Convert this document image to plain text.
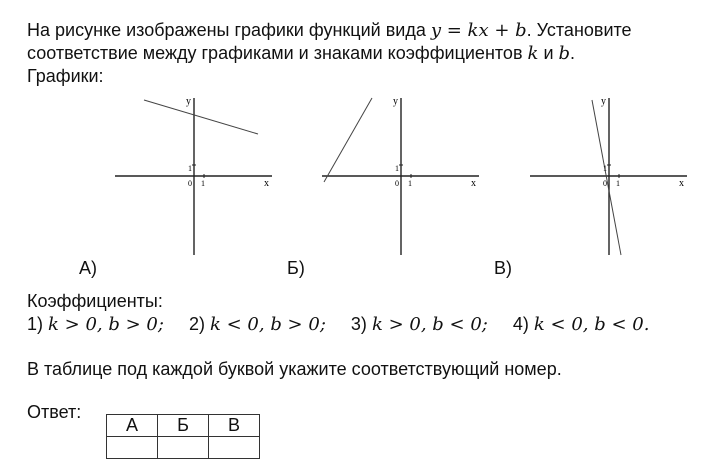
На рисунке изображены графики функций вида y = kx + b. Установите
соответствие между графиками и знаками коэффициентов k и b.
Графики:
y
x
0 1
1
А)
y
x
0 1
1
Б)
y
x
0 1
1
В)
Коэффициенты:
1) k > 0, b > 0; 2) k < 0, b > 0; 3) k > 0, b < 0; 4) k < 0, b < 0.
В таблице под каждой буквой укажите соответствующий номер.
Ответ:
А	Б	В
